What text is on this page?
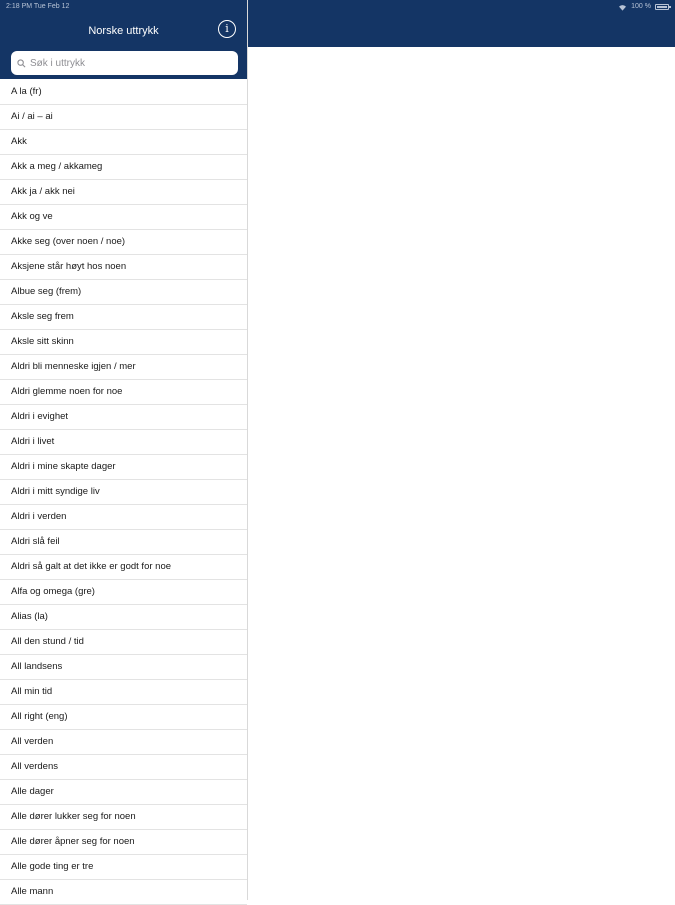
Norske uttrykk	i
Søk i uttrykk
A la (fr)
Ai / ai – ai
Akk
Akk a meg / akkameg
Akk ja / akk nei
Akk og ve
Akke seg (over noen / noe)
Aksjene står høyt hos noen
Albue seg (frem)
Aksle seg frem
Aksle sitt skinn
Aldri bli menneske igjen / mer
Aldri glemme noen for noe
Aldri i evighet
Aldri i livet
Aldri i mine skapte dager
Aldri i mitt syndige liv
Aldri i verden
Aldri slå feil
Aldri så galt at det ikke er godt for noe
Alfa og omega (gre)
Alias (la)
All den stund / tid
All landsens
All min tid
All right (eng)
All verden
All verdens
Alle dager
Alle dører lukker seg for noen
Alle dører åpner seg for noen
Alle gode ting er tre
Alle mann
2:18 PM Tue Feb 12	100 %
